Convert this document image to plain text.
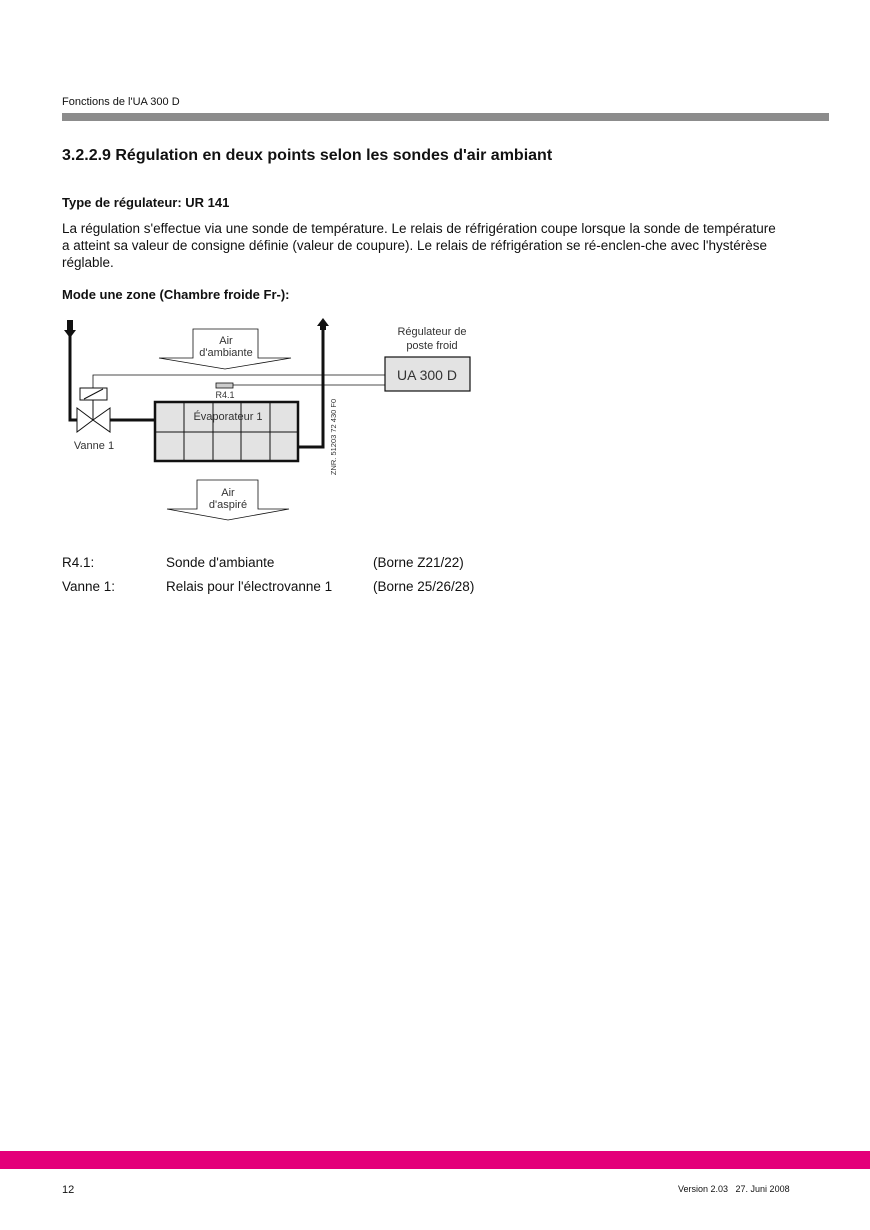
Fonctions de l'UA 300 D
3.2.2.9 Régulation en deux points selon les sondes d'air ambiant
Type de régulateur: UR 141
La régulation s'effectue via une sonde de température. Le relais de réfrigération coupe lorsque la sonde de température a atteint sa valeur de consigne définie (valeur de coupure). Le relais de réfrigération se ré-enclen-che avec l'hystérèse réglable.
Mode une zone (Chambre froide Fr-):
Air
d'ambiante
Air
d'aspiré
Régulateur de
poste froid
UA 300 D
R4.1
Évaporateur 1
Vanne 1	ZNR. 51203 72 430 F0
R4.1:	Sonde d'ambiante	(Borne Z21/22)
Vanne 1:	Relais pour l'électrovanne 1	(Borne 25/26/28)
12	Version 2.03   27. Juni 2008
